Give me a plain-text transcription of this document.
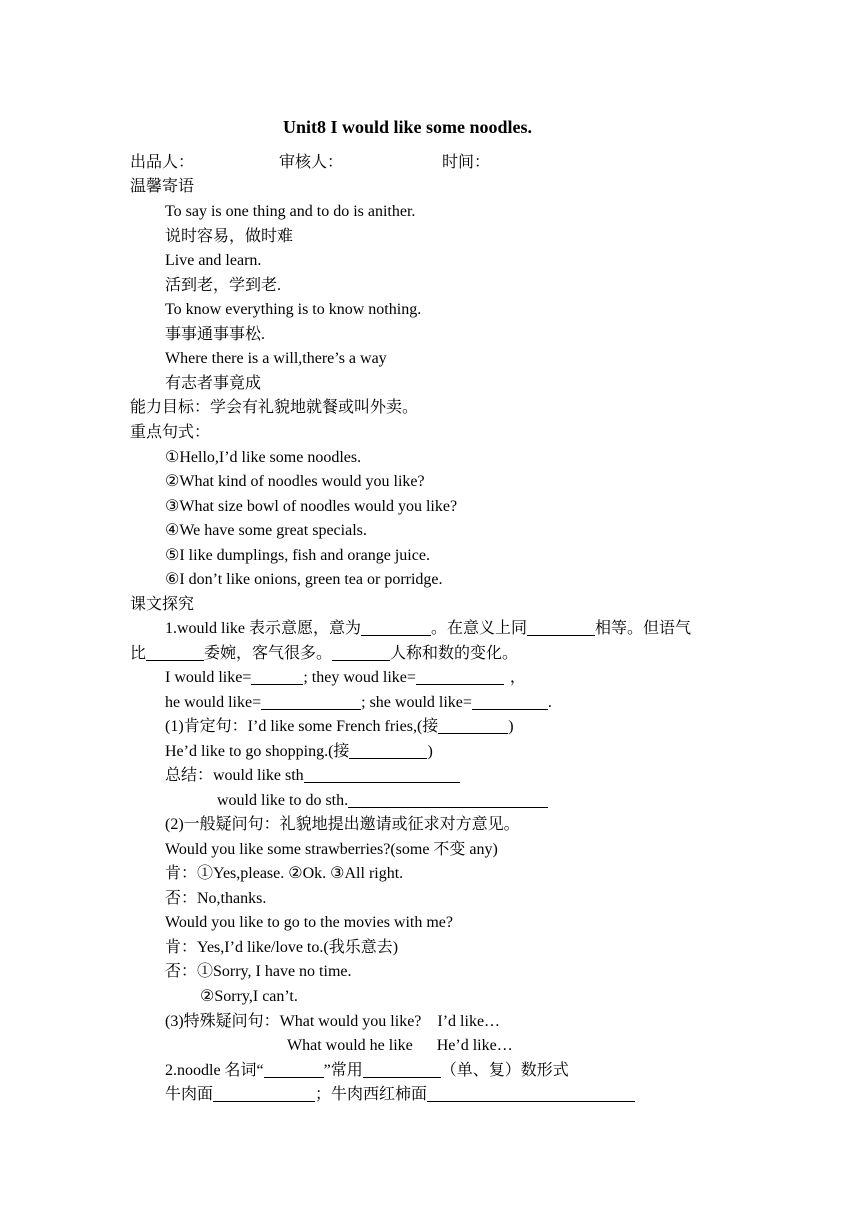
Unit8 I would like some noodles.
出品人：	审核人：	时间：
温馨寄语
To say is one thing and to do is anither.
说时容易，做时难
Live and learn.
活到老，学到老.
To know everything is to know nothing.
事事通事事松.
Where there is a will,there’s a way
有志者事竟成
能力目标：学会有礼貌地就餐或叫外卖。
重点句式：
①Hello,I’d like some noodles.
②What kind of noodles would you like?
③What size bowl of noodles would you like?
④We have some great specials.
⑤I like dumplings, fish and orange juice.
⑥I don’t like onions, green tea or porridge.
课文探究
1.would like 表示意愿，意为	。在意义上同	相等。但语气
比	委婉，客气很多。	人称和数的变化。
I would like=	; they woud like=	，
he would like=	; she would like=	.
(1)肯定句：I’d like some French fries,(接	)
He’d like to go shopping.(接	)
总结：would like sth
would like to do sth.
(2)一般疑问句：礼貌地提出邀请或征求对方意见。
Would you like some strawberries?(some 不变 any)
肯：①Yes,please. ②Ok. ③All right.
否：No,thanks.
Would you like to go to the movies with me?
肯：Yes,I’d like/love to.(我乐意去)
否：①Sorry, I have no time.
②Sorry,I can’t.
(3)特殊疑问句：What would you like?    I’d like…
What would he like      He’d like…
2.noodle 名词“	”常用	（单、复）数形式
牛肉面	；牛肉西红柿面
